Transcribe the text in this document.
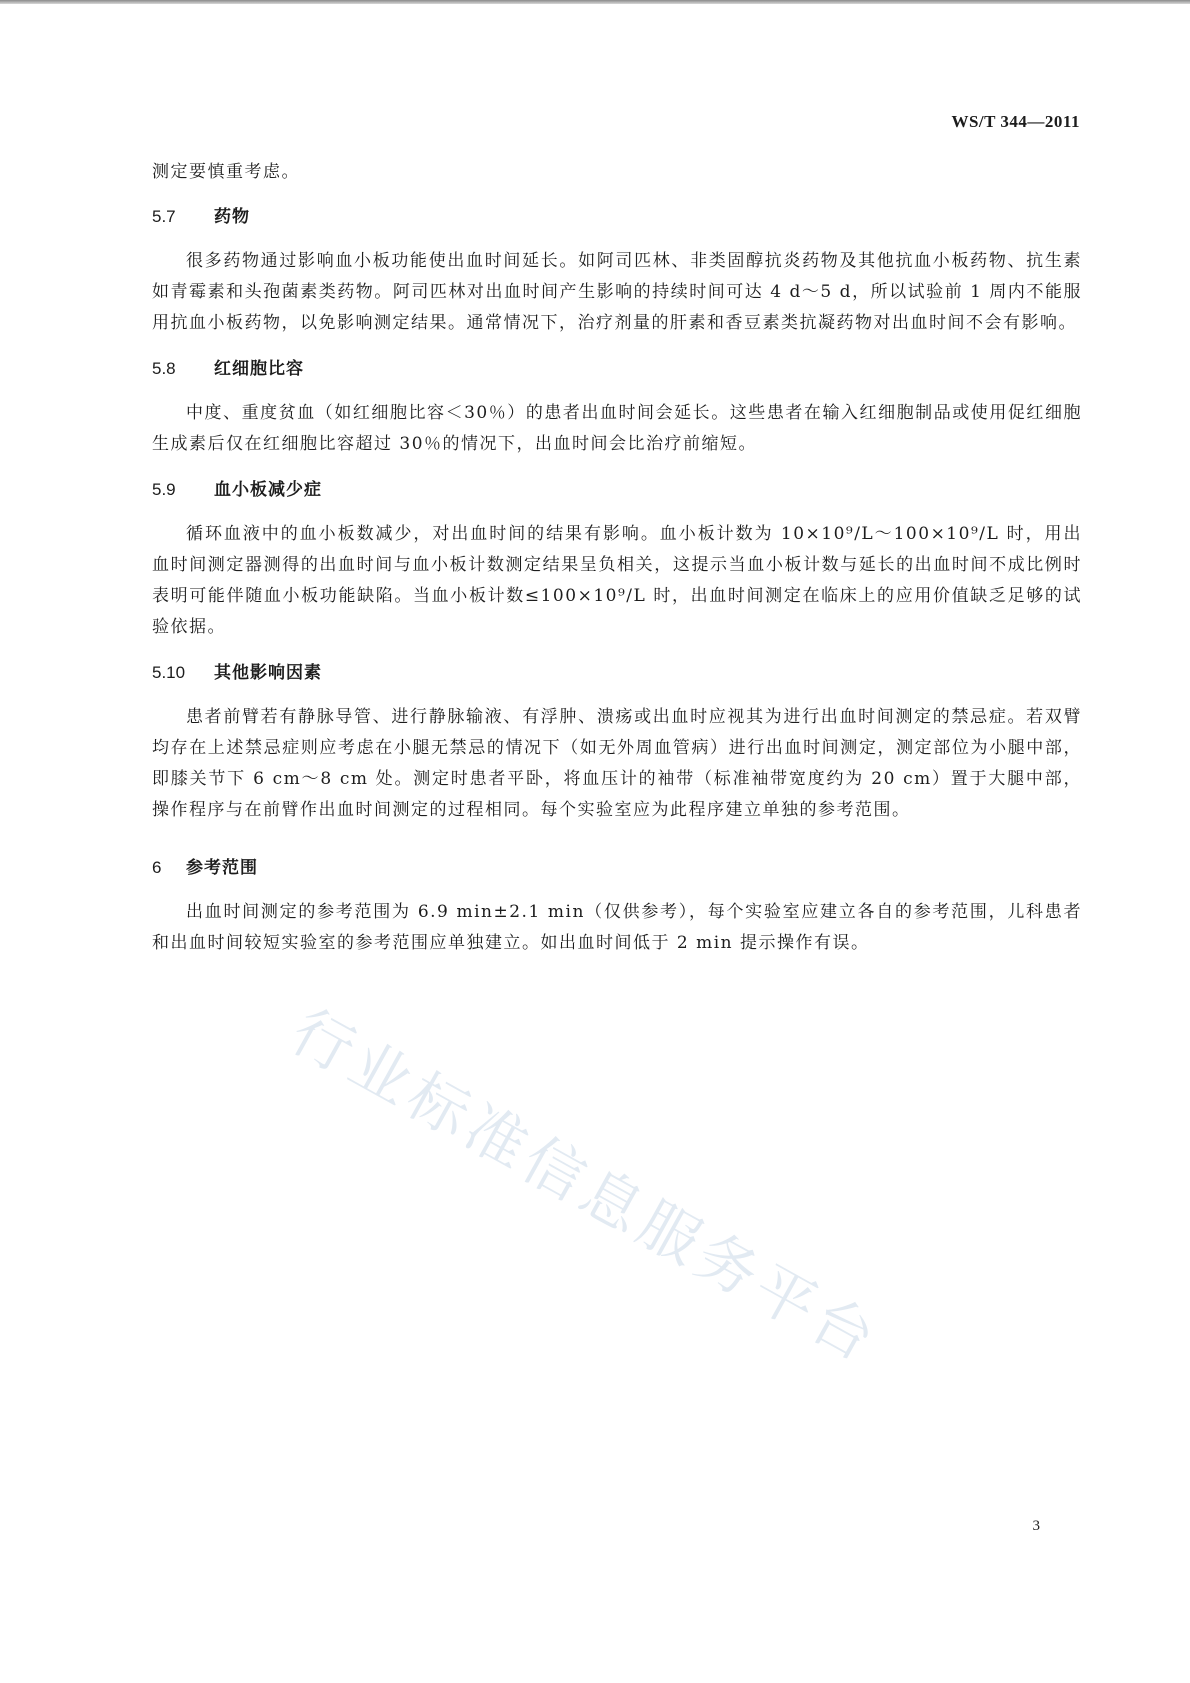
WS/T 344—2011

测定要慎重考虑。

5.7 药物

很多药物通过影响血小板功能使出血时间延长。如阿司匹林、非类固醇抗炎药物及其他抗血小板药物、抗生素如青霉素和头孢菌素类药物。阿司匹林对出血时间产生影响的持续时间可达 4 d～5 d，所以试验前 1 周内不能服用抗血小板药物，以免影响测定结果。通常情况下，治疗剂量的肝素和香豆素类抗凝药物对出血时间不会有影响。

5.8 红细胞比容

中度、重度贫血（如红细胞比容＜30％）的患者出血时间会延长。这些患者在输入红细胞制品或使用促红细胞生成素后仅在红细胞比容超过 30％的情况下，出血时间会比治疗前缩短。

5.9 血小板减少症

循环血液中的血小板数减少，对出血时间的结果有影响。血小板计数为 10×10⁹/L～100×10⁹/L 时，用出血时间测定器测得的出血时间与血小板计数测定结果呈负相关，这提示当血小板计数与延长的出血时间不成比例时表明可能伴随血小板功能缺陷。当血小板计数≤100×10⁹/L 时，出血时间测定在临床上的应用价值缺乏足够的试验依据。

5.10 其他影响因素

患者前臂若有静脉导管、进行静脉输液、有浮肿、溃疡或出血时应视其为进行出血时间测定的禁忌症。若双臂均存在上述禁忌症则应考虑在小腿无禁忌的情况下（如无外周血管病）进行出血时间测定，测定部位为小腿中部，即膝关节下 6 cm～8 cm 处。测定时患者平卧，将血压计的袖带（标准袖带宽度约为 20 cm）置于大腿中部，操作程序与在前臂作出血时间测定的过程相同。每个实验室应为此程序建立单独的参考范围。

6 参考范围

出血时间测定的参考范围为 6.9 min±2.1 min（仅供参考），每个实验室应建立各自的参考范围，儿科患者和出血时间较短实验室的参考范围应单独建立。如出血时间低于 2 min 提示操作有误。

行业标准信息服务平台
3
